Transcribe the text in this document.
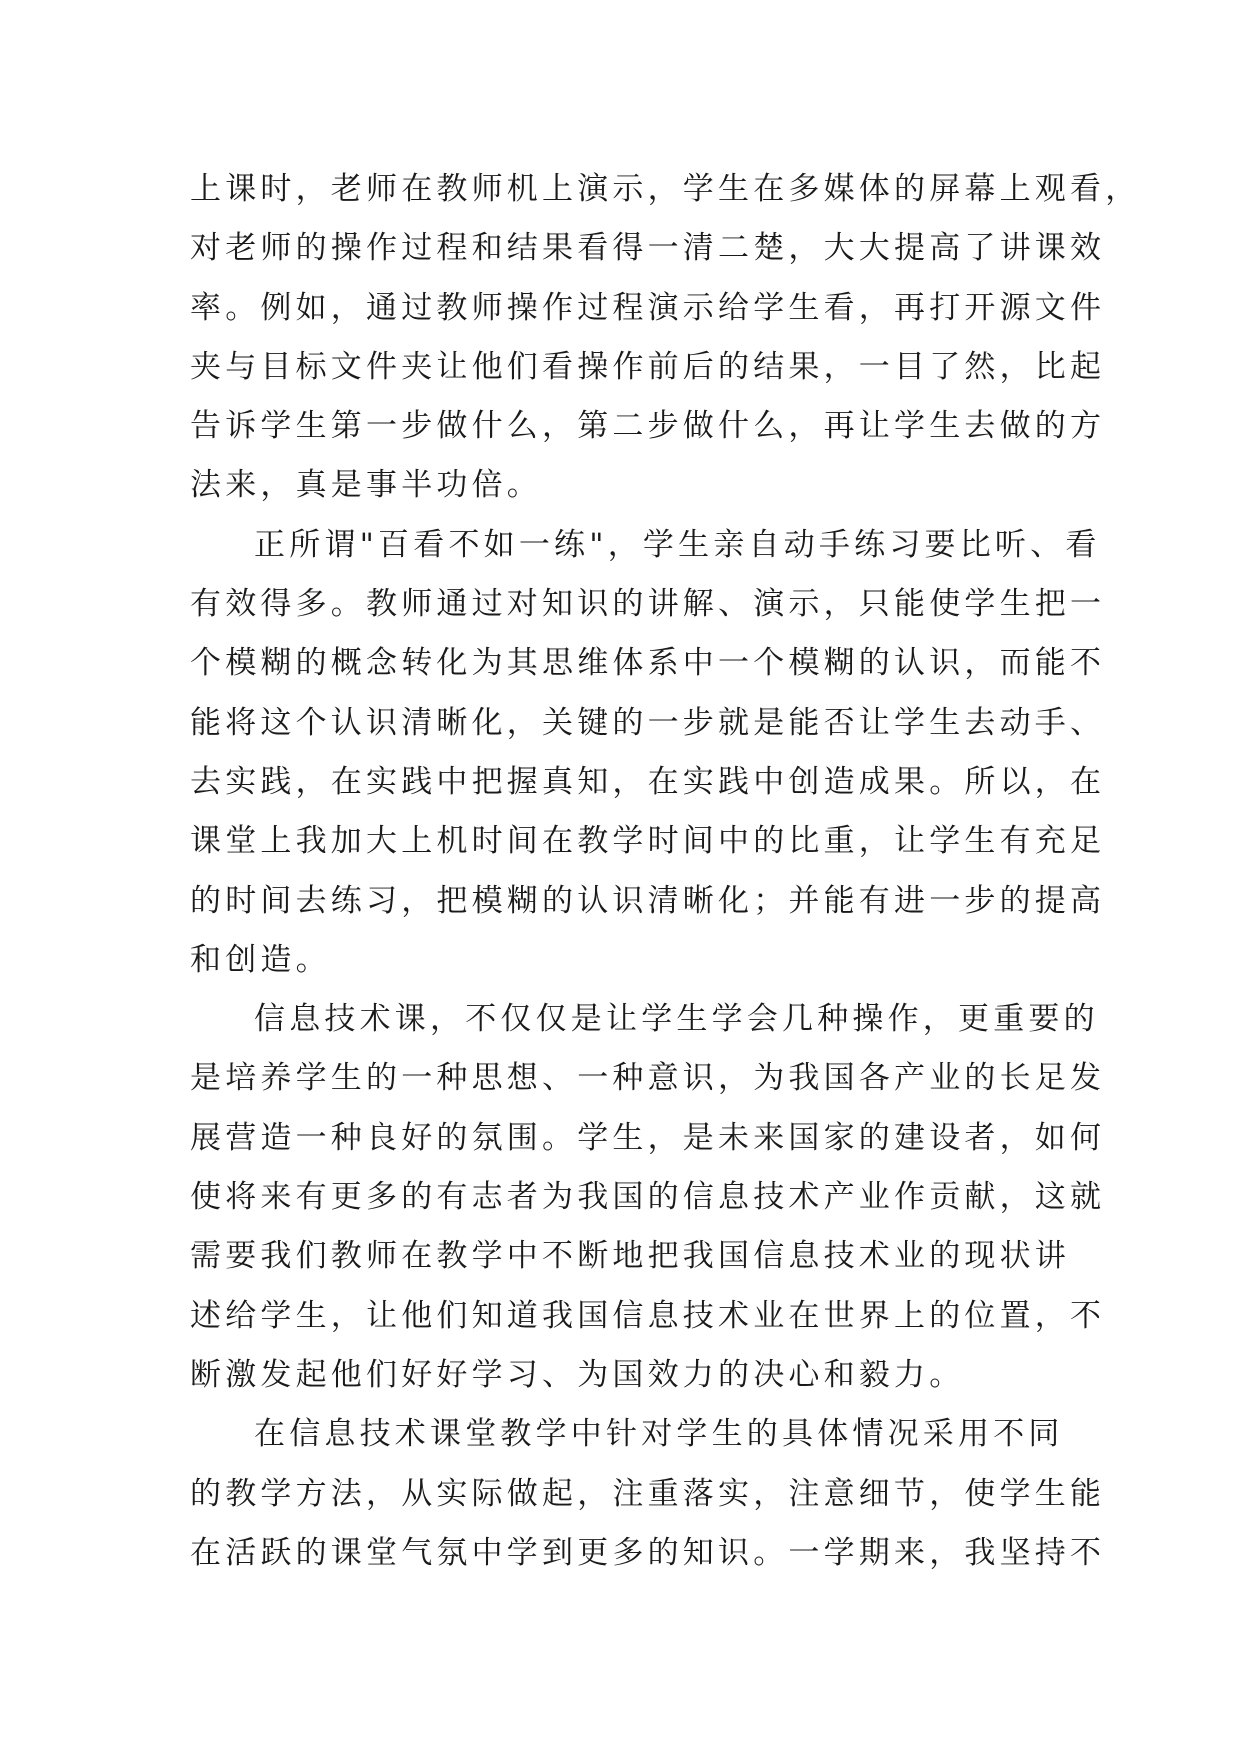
上课时，老师在教师机上演示，学生在多媒体的屏幕上观看，
对老师的操作过程和结果看得一清二楚，大大提高了讲课效
率。例如，通过教师操作过程演示给学生看，再打开源文件
夹与目标文件夹让他们看操作前后的结果，一目了然，比起
告诉学生第一步做什么，第二步做什么，再让学生去做的方
法来，真是事半功倍。
正所谓"百看不如一练"，学生亲自动手练习要比听、看
有效得多。教师通过对知识的讲解、演示，只能使学生把一
个模糊的概念转化为其思维体系中一个模糊的认识，而能不
能将这个认识清晰化，关键的一步就是能否让学生去动手、
去实践，在实践中把握真知，在实践中创造成果。所以，在
课堂上我加大上机时间在教学时间中的比重，让学生有充足
的时间去练习，把模糊的认识清晰化；并能有进一步的提高
和创造。
信息技术课，不仅仅是让学生学会几种操作，更重要的
是培养学生的一种思想、一种意识，为我国各产业的长足发
展营造一种良好的氛围。学生，是未来国家的建设者，如何
使将来有更多的有志者为我国的信息技术产业作贡献，这就
需要我们教师在教学中不断地把我国信息技术业的现状讲
述给学生，让他们知道我国信息技术业在世界上的位置，不
断激发起他们好好学习、为国效力的决心和毅力。
在信息技术课堂教学中针对学生的具体情况采用不同
的教学方法，从实际做起，注重落实，注意细节，使学生能
在活跃的课堂气氛中学到更多的知识。一学期来，我坚持不
